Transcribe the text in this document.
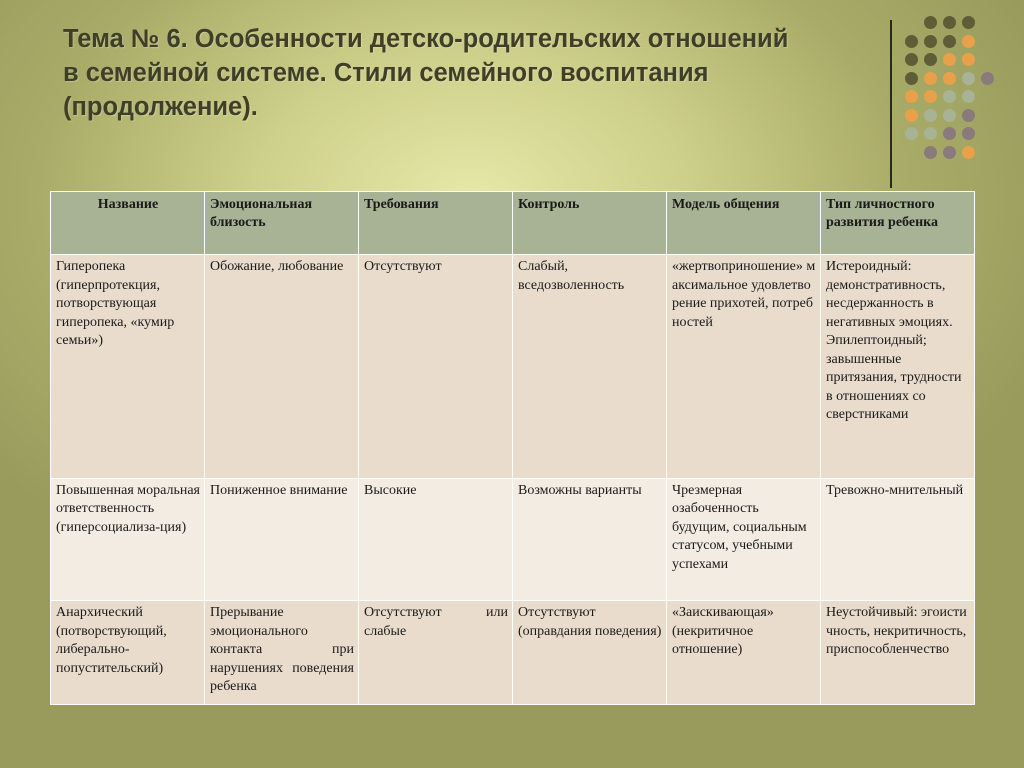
Тема № 6. Особенности детско-родительских отношений
в семейной системе. Стили семейного воспитания
(продолжение).
Название	Эмоциональная близость	Требования	Контроль	Модель общения	Тип личностного развития ребенка
Гиперопека (гиперпротекция, потворствующая гиперопека, «кумир семьи»)	Обожание, любование	Отсутствуют	Слабый, вседозволенность	«жертвоприношение» максимальное удовлетворение прихотей, потребностей	Истероидный: демонстративность, несдержанность в негативных эмоциях. Эпилептоидный; завышенные притязания, трудности в отношениях со сверстниками
Повышенная моральная ответственность (гиперсоциализа-ция)	Пониженное внимание	Высокие	Возможны варианты	Чрезмерная озабоченность будущим, социальным статусом, учебными успехами	Тревожно-мнительный
Анархический (потворствующий, либерально-попустительский)	Прерывание эмоционального контакта при нарушениях поведения ребенка	Отсутствуют или слабые	Отсутствуют (оправдания поведения)	«Заискивающая» (некритичное отношение)	Неустойчивый: эгоистичность, некритичность, приспособленчество
